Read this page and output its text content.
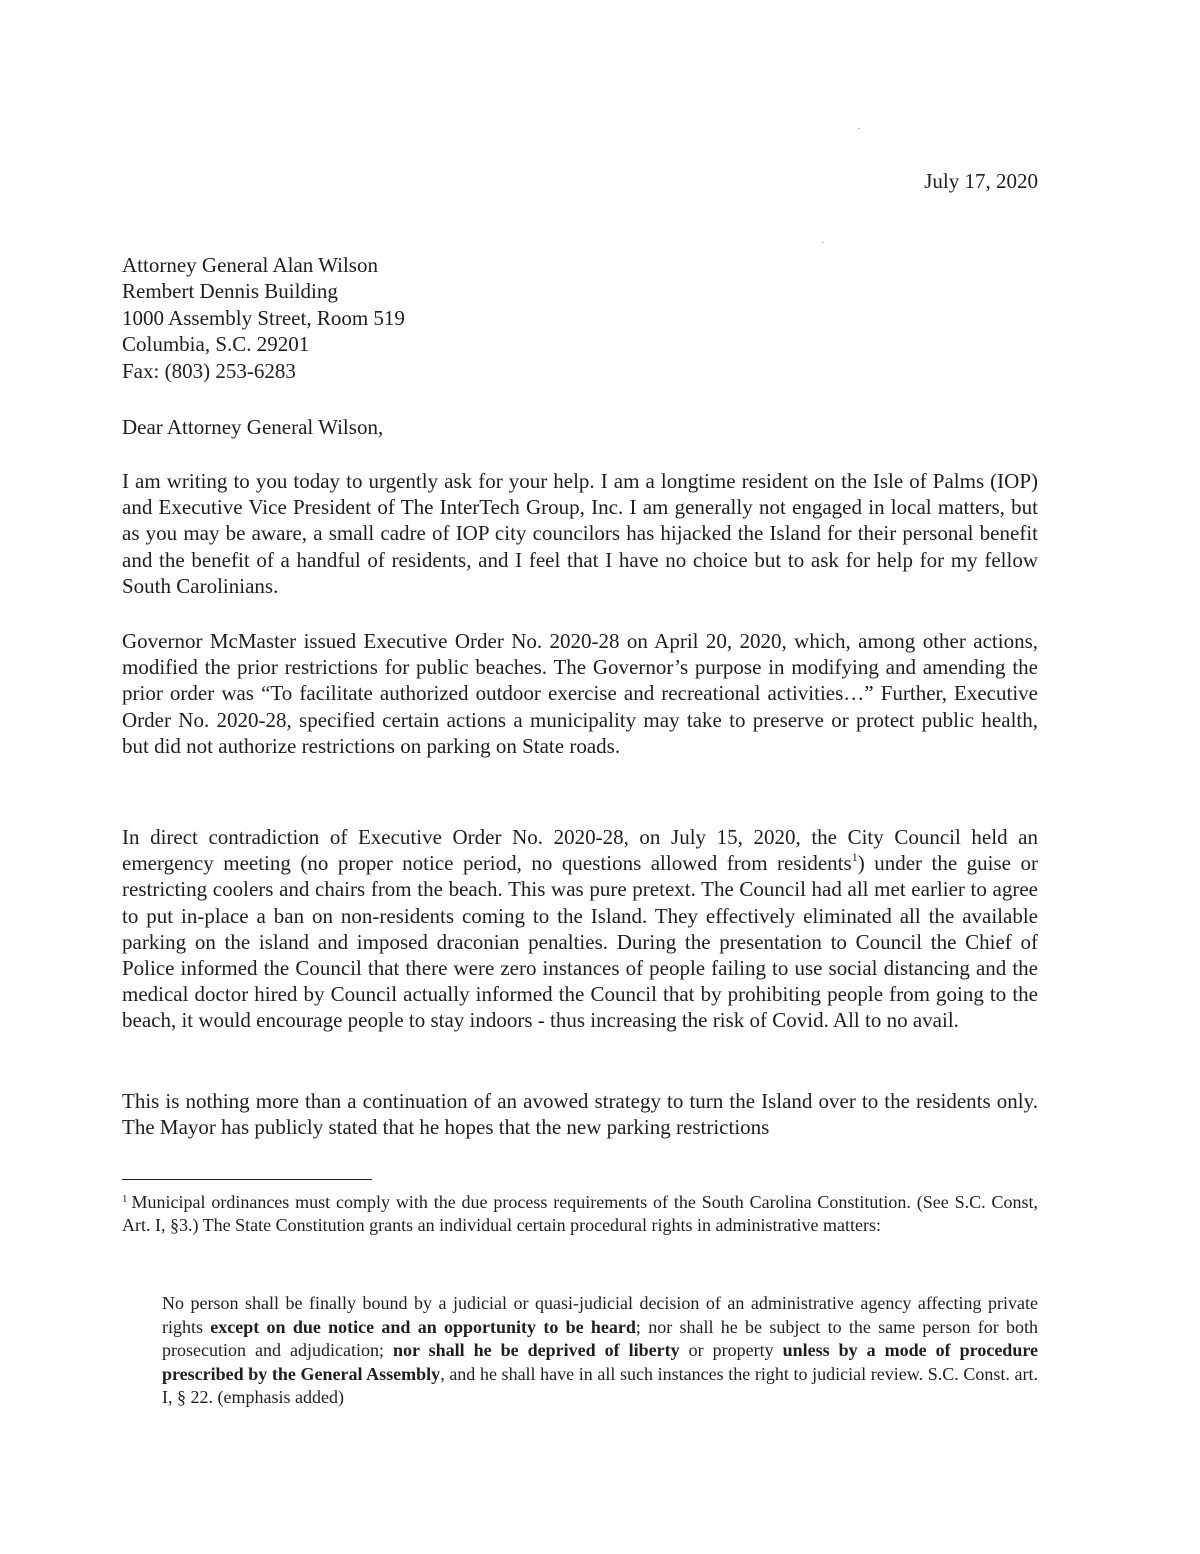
July 17, 2020
Attorney General Alan Wilson
Rembert Dennis Building
1000 Assembly Street, Room 519
Columbia, S.C. 29201
Fax: (803) 253-6283
Dear Attorney General Wilson,

I am writing to you today to urgently ask for your help. I am a longtime resident on the Isle of Palms (IOP) and Executive Vice President of The InterTech Group, Inc. I am generally not engaged in local matters, but as you may be aware, a small cadre of IOP city councilors has hijacked the Island for their personal benefit and the benefit of a handful of residents, and I feel that I have no choice but to ask for help for my fellow South Carolinians.

Governor McMaster issued Executive Order No. 2020-28 on April 20, 2020, which, among other actions, modified the prior restrictions for public beaches. The Governor’s purpose in modifying and amending the prior order was “To facilitate authorized outdoor exercise and recreational activities…” Further, Executive Order No. 2020-28, specified certain actions a municipality may take to preserve or protect public health, but did not authorize restrictions on parking on State roads.

In direct contradiction of Executive Order No. 2020-28, on July 15, 2020, the City Council held an emergency meeting (no proper notice period, no questions allowed from residents$^1$) under the guise or restricting coolers and chairs from the beach. This was pure pretext. The Council had all met earlier to agree to put in-place a ban on non-residents coming to the Island. They effectively eliminated all the available parking on the island and imposed draconian penalties. During the presentation to Council the Chief of Police informed the Council that there were zero instances of people failing to use social distancing and the medical doctor hired by Council actually informed the Council that by prohibiting people from going to the beach, it would encourage people to stay indoors - thus increasing the risk of Covid. All to no avail.

This is nothing more than a continuation of an avowed strategy to turn the Island over to the residents only. The Mayor has publicly stated that he hopes that the new parking restrictions

$^1$ Municipal ordinances must comply with the due process requirements of the South Carolina Constitution. (See S.C. Const, Art. I, §3.) The State Constitution grants an individual certain procedural rights in administrative matters:

No person shall be finally bound by a judicial or quasi-judicial decision of an administrative agency affecting private rights except on due notice and an opportunity to be heard; nor shall he be subject to the same person for both prosecution and adjudication; nor shall he be deprived of liberty or property unless by a mode of procedure prescribed by the General Assembly, and he shall have in all such instances the right to judicial review. S.C. Const. art. I, § 22. (emphasis added)
